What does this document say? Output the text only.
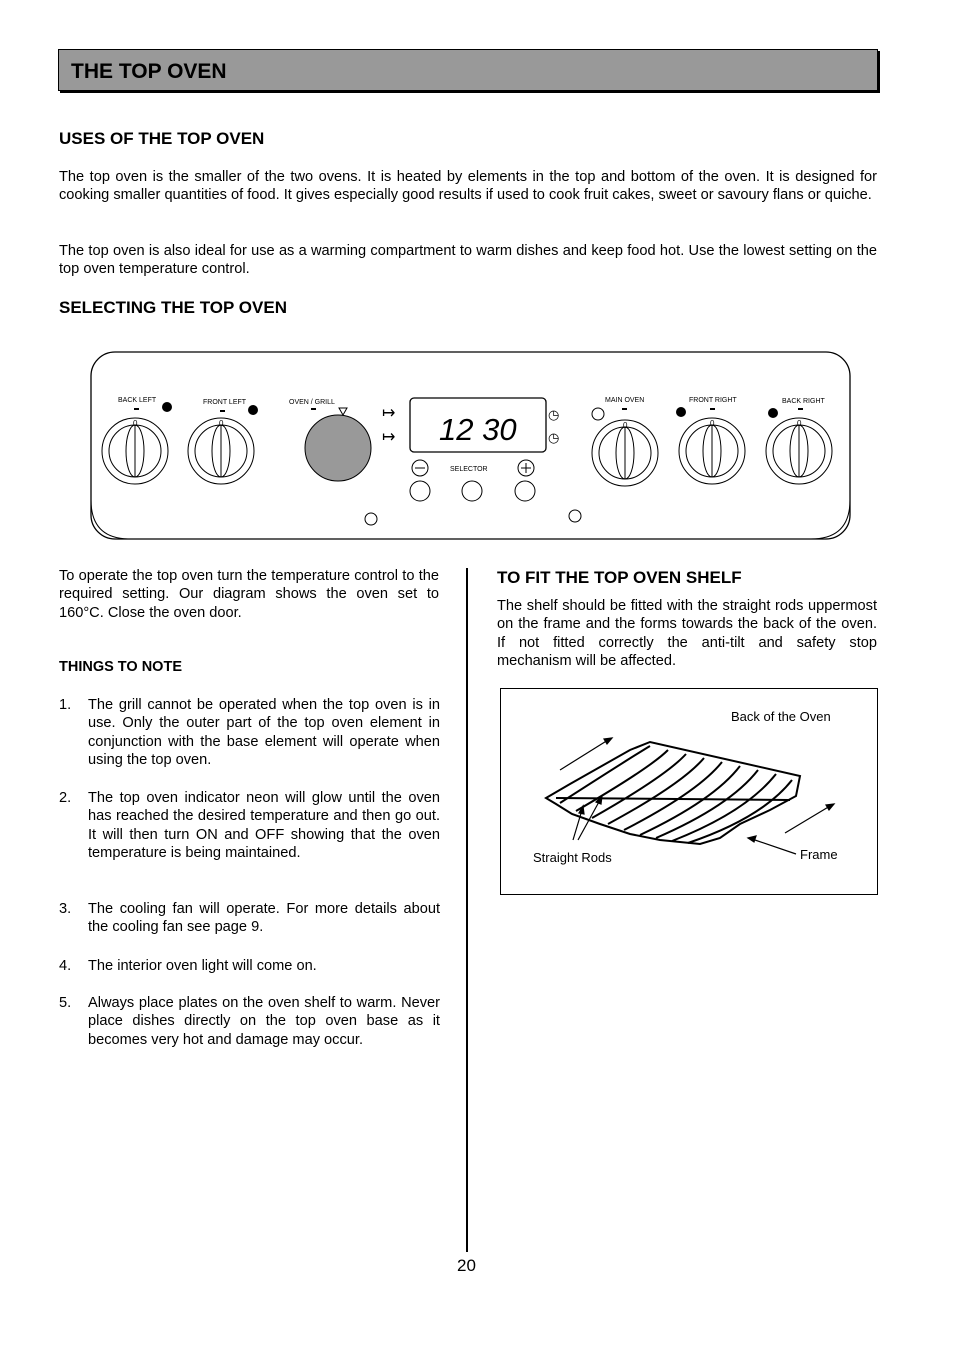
THE TOP OVEN
USES OF THE TOP OVEN

The top oven is the smaller of the two ovens. It is heated by elements in the top and bottom of the oven. It is designed for cooking smaller quantities of food. It gives especially good results if used to cook fruit cakes, sweet or savoury flans or quiche.

The top oven is also ideal for use as a warming compartment to warm dishes and keep food hot. Use the lowest setting on the top oven temperature control.

SELECTING THE TOP OVEN
BACK LEFT
0
FRONT LEFT
0
OVEN / GRILL
↦
↦ 12 30 ◷
◷
SELECTOR
MAIN OVEN
0
FRONT RIGHT
0
BACK RIGHT
0

To operate the top oven turn the temperature control to the required setting. Our diagram shows the oven set to 160°C. Close the oven door.

THINGS TO NOTE
1. The grill cannot be operated when the top oven is in use. Only the outer part of the top oven element in conjunction with the base element will operate when using the top oven.
2. The top oven indicator neon will glow until the oven has reached the desired temperature and then go out. It will then turn ON and OFF showing that the oven temperature is being maintained.
3. The cooling fan will operate. For more details about the cooling fan see page 9.
4. The interior oven light will come on.
5. Always place plates on the oven shelf to warm. Never place dishes directly on the top oven base as it becomes very hot and damage may occur.
TO FIT THE TOP OVEN SHELF

The shelf should be fitted with the straight rods uppermost on the frame and the forms towards the back of the oven. If not fitted correctly the anti-tilt and safety stop mechanism will be affected.

Back of the Oven
Straight Rods	Frame
20
